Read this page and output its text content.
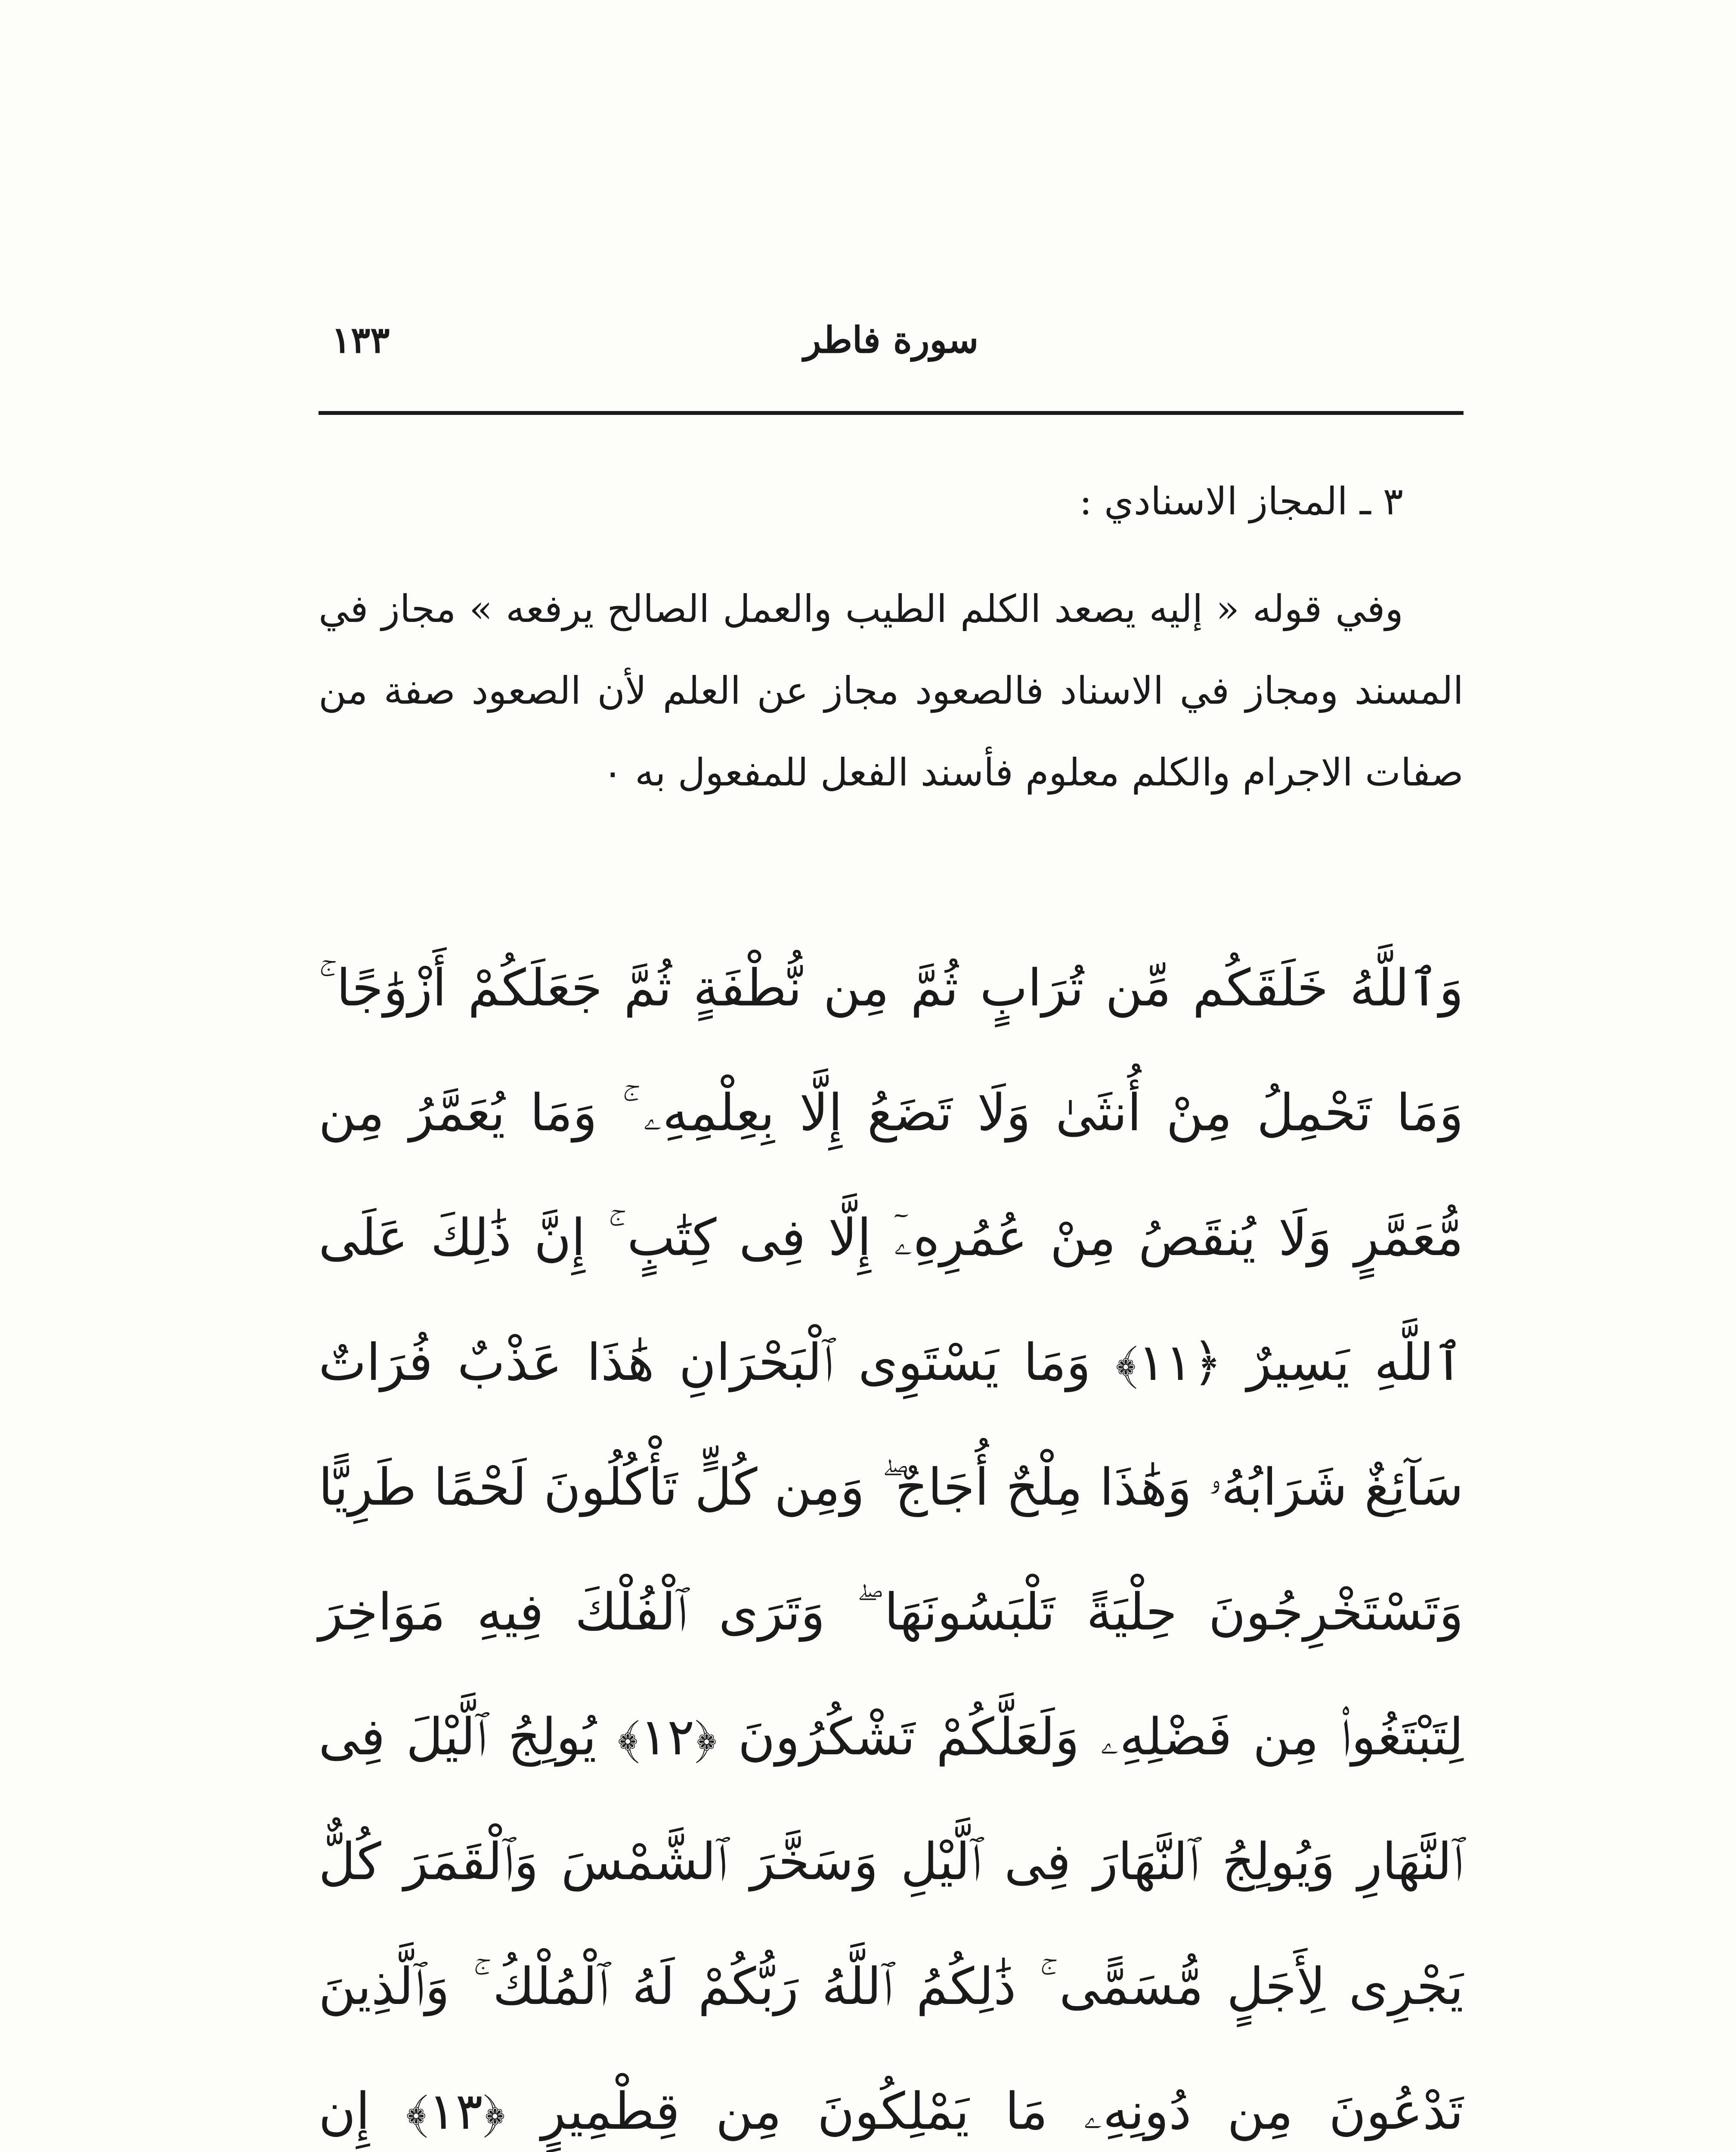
١٣٣	سورة فاطر
٣ ـ المجاز الاسنادي :

وفي قوله « إليه يصعد الكلم الطيب والعمل الصالح يرفعه » مجاز في المسند ومجاز في الاسناد فالصعود مجاز عن العلم لأن الصعود صفة من صفات الاجرام والكلم معلوم فأسند الفعل للمفعول به ٠

وَٱللَّهُ خَلَقَكُم مِّن تُرَابٍ ثُمَّ مِن نُّطْفَةٍ ثُمَّ جَعَلَكُمْ أَزْوَٰجًا ۚ وَمَا تَحْمِلُ مِنْ أُنثَىٰ وَلَا تَضَعُ إِلَّا بِعِلْمِهِۦ ۚ وَمَا يُعَمَّرُ مِن مُّعَمَّرٍ وَلَا يُنقَصُ مِنْ عُمُرِهِۦٓ إِلَّا فِى كِتَٰبٍ ۚ إِنَّ ذَٰلِكَ عَلَى ٱللَّهِ يَسِيرٌ ﴿١١﴾ وَمَا يَسْتَوِى ٱلْبَحْرَانِ هَٰذَا عَذْبٌ فُرَاتٌ سَآئِغٌ شَرَابُهُۥ وَهَٰذَا مِلْحٌ أُجَاجٌ ۖ وَمِن كُلٍّ تَأْكُلُونَ لَحْمًا طَرِيًّا وَتَسْتَخْرِجُونَ حِلْيَةً تَلْبَسُونَهَا ۖ وَتَرَى ٱلْفُلْكَ فِيهِ مَوَاخِرَ لِتَبْتَغُوا۟ مِن فَضْلِهِۦ وَلَعَلَّكُمْ تَشْكُرُونَ ﴿١٢﴾ يُولِجُ ٱلَّيْلَ فِى ٱلنَّهَارِ وَيُولِجُ ٱلنَّهَارَ فِى ٱلَّيْلِ وَسَخَّرَ ٱلشَّمْسَ وَٱلْقَمَرَ كُلٌّ يَجْرِى لِأَجَلٍ مُّسَمًّى ۚ ذَٰلِكُمُ ٱللَّهُ رَبُّكُمْ لَهُ ٱلْمُلْكُ ۚ وَٱلَّذِينَ تَدْعُونَ مِن دُونِهِۦ مَا يَمْلِكُونَ مِن قِطْمِيرٍ ﴿١٣﴾ إِن
